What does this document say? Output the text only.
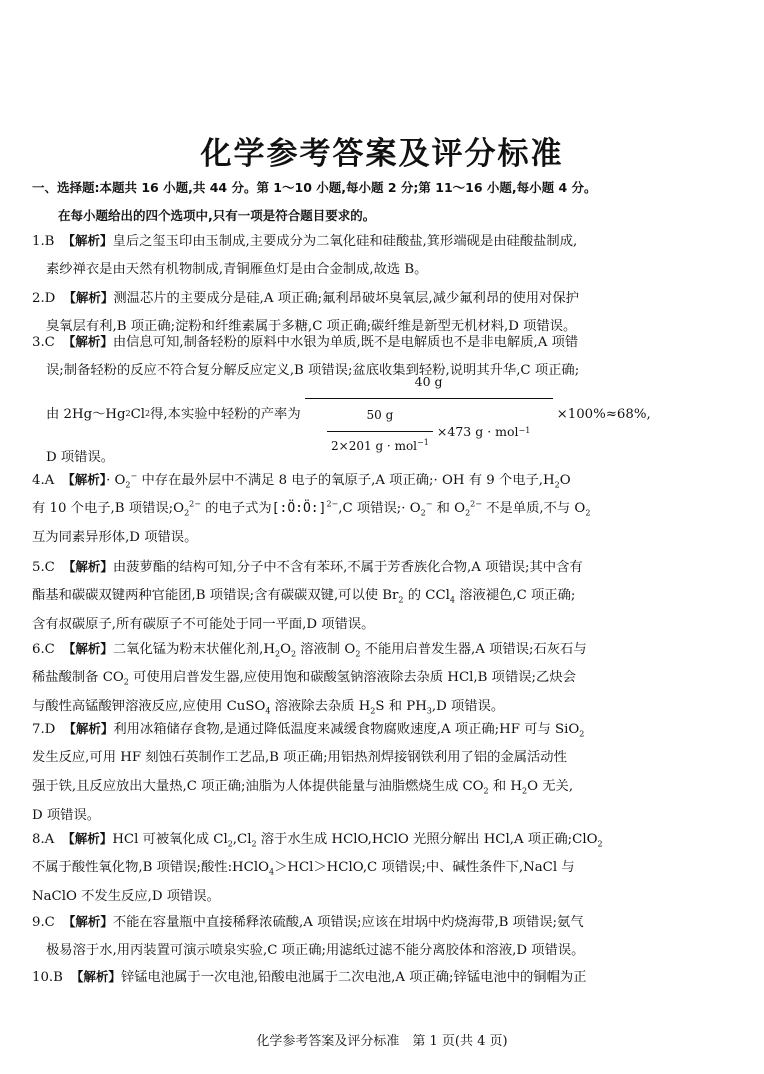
化学参考答案及评分标准
一、选择题:本题共 16 小题,共 44 分。第 1～10 小题,每小题 2 分;第 11～16 小题,每小题 4 分。
在每小题给出的四个选项中,只有一项是符合题目要求的。
1.B 【解析】皇后之玺玉印由玉制成,主要成分为二氧化硅和硅酸盐,箕形端砚是由硅酸盐制成,
素纱禅衣是由天然有机物制成,青铜雁鱼灯是由合金制成,故选 B。
2.D 【解析】测温芯片的主要成分是硅,A 项正确;氟利昂破坏臭氧层,减少氟利昂的使用对保护
臭氧层有利,B 项正确;淀粉和纤维素属于多糖,C 项正确;碳纤维是新型无机材料,D 项错误。
3.C 【解析】由信息可知,制备轻粉的原料中水银为单质,既不是电解质也不是非电解质,A 项错
误;制备轻粉的反应不符合复分解反应定义,B 项错误;盆底收集到轻粉,说明其升华,C 项正确;
由 2Hg～Hg 2 Cl 2 得,本实验中轻粉的产率为
40 g
$\frac{50 g}{2\times 201 g \cdot mol^{-1}} \times 473$ g · mol −1
×100%≈68%,
D 项错误。
4.A 【解析】· $O_2^-$ 中存在最外层中不满足 8 电子的氧原子,A 项正确;· OH 有 9 个电子$,H_2O$
有 10 个电子,B 项错误$;O_2^{2-}$ 的电子式为[:Ö:Ö:]$^{2-}$,C 项错误;· $O_2^-$ 和 $O_2^{2-}$ 不是单质,不与 $O_2$
互为同素异形体,D 项错误。
5.C 【解析】由菠萝酯的结构可知,分子中不含有苯环,不属于芳香族化合物,A 项错误;其中含有
酯基和碳碳双键两种官能团,B 项错误;含有碳碳双键,可以使 $Br_2$ 的 CCl$_4$ 溶液褪色,C 项正确;
含有叔碳原子,所有碳原子不可能处于同一平面,D 项错误。
6.C 【解析】二氧化锰为粉末状催化剂$,H_2O_2$ 溶液制 $O_2$ 不能用启普发生器,A 项错误;石灰石与
稀盐酸制备 $CO_2$ 可使用启普发生器,应使用饱和碳酸氢钠溶液除去杂质 HCl,B 项错误;乙炔会
与酸性高锰酸钾溶液反应,应使用 CuSO$_4$ 溶液除去杂质 $H_2S$ 和 $PH_3,D$ 项错误。
7.D 【解析】利用冰箱储存食物,是通过降低温度来减缓食物腐败速度,A 项正确;HF 可与 SiO$_2$
发生反应,可用 HF 刻蚀石英制作工艺品,B 项正确;用铝热剂焊接钢铁利用了铝的金属活动性
强于铁,且反应放出大量热,C 项正确;油脂为人体提供能量与油脂燃烧生成 $CO_2$ 和 $H_2O$ 无关,
D 项错误。
8.A 【解析】HCl 可被氧化成 $Cl_2,Cl_2$ 溶于水生成 HClO,HClO 光照分解出 HCl,A 项正确;ClO$_2$
不属于酸性氧化物,B 项错误;酸性:HClO$_4$＞HCl＞HClO,C 项错误;中、碱性条件下,NaCl 与
NaClO 不发生反应,D 项错误。
9.C 【解析】不能在容量瓶中直接稀释浓硫酸,A 项错误;应该在坩埚中灼烧海带,B 项错误;氨气
极易溶于水,用丙装置可演示喷泉实验,C 项正确;用滤纸过滤不能分离胶体和溶液,D 项错误。
10.B 【解析】锌锰电池属于一次电池,铅酸电池属于二次电池,A 项正确;锌锰电池中的铜帽为正
化学参考答案及评分标准　第 1 页(共 4 页)
